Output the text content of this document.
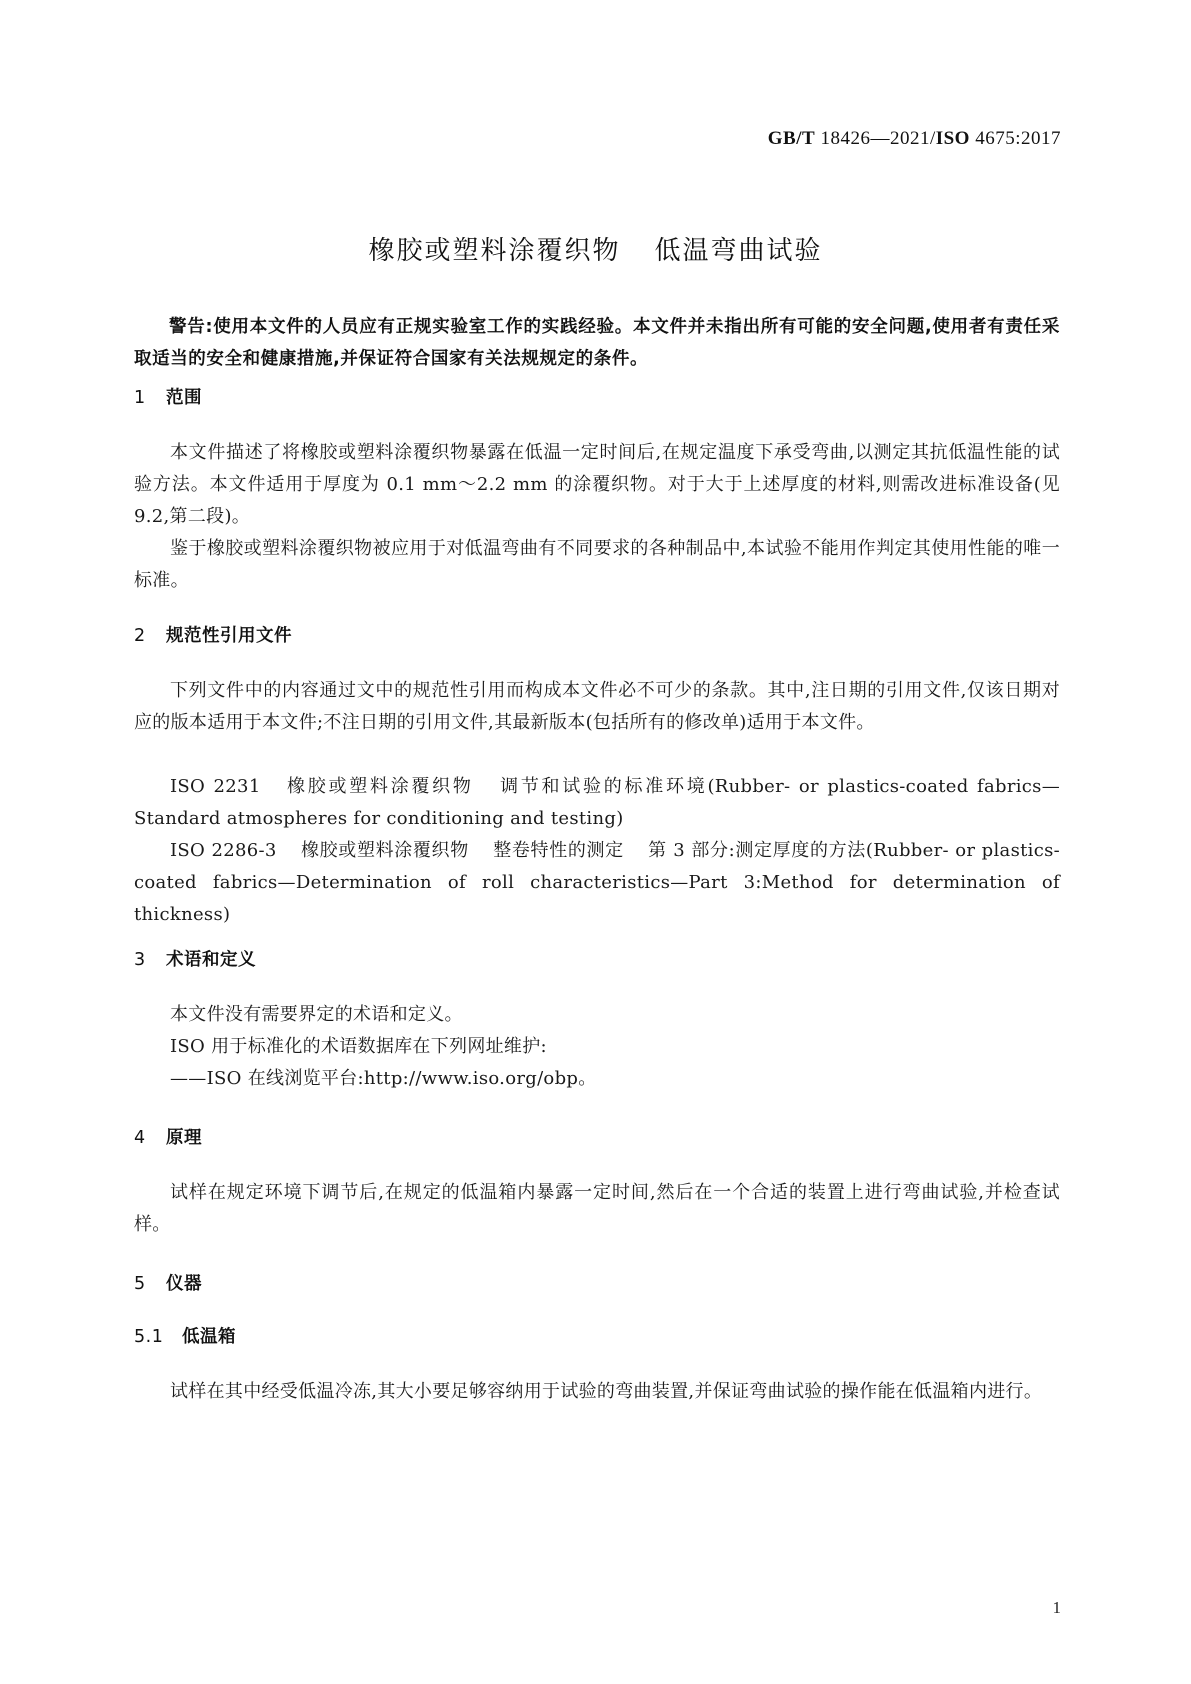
GB/T 18426—2021/ISO 4675:2017
橡胶或塑料涂覆织物 低温弯曲试验
警告:使用本文件的人员应有正规实验室工作的实践经验。本文件并未指出所有可能的安全问题,使用者有责任采取适当的安全和健康措施,并保证符合国家有关法规规定的条件。
1 范围
本文件描述了将橡胶或塑料涂覆织物暴露在低温一定时间后,在规定温度下承受弯曲,以测定其抗低温性能的试验方法。本文件适用于厚度为 0.1 mm～2.2 mm 的涂覆织物。对于大于上述厚度的材料,则需改进标准设备(见 9.2,第二段)。
鉴于橡胶或塑料涂覆织物被应用于对低温弯曲有不同要求的各种制品中,本试验不能用作判定其使用性能的唯一标准。
2 规范性引用文件
下列文件中的内容通过文中的规范性引用而构成本文件必不可少的条款。其中,注日期的引用文件,仅该日期对应的版本适用于本文件;不注日期的引用文件,其最新版本(包括所有的修改单)适用于本文件。
ISO 2231 橡胶或塑料涂覆织物 调节和试验的标准环境(Rubber- or plastics-coated fabrics—Standard atmospheres for conditioning and testing)
ISO 2286-3 橡胶或塑料涂覆织物 整卷特性的测定 第 3 部分:测定厚度的方法(Rubber- or plastics-coated fabrics—Determination of roll characteristics—Part 3:Method for determination of thickness)
3 术语和定义
本文件没有需要界定的术语和定义。
ISO 用于标准化的术语数据库在下列网址维护:
——ISO 在线浏览平台:http://www.iso.org/obp。
4 原理
试样在规定环境下调节后,在规定的低温箱内暴露一定时间,然后在一个合适的装置上进行弯曲试验,并检查试样。
5 仪器
5.1 低温箱
试样在其中经受低温冷冻,其大小要足够容纳用于试验的弯曲装置,并保证弯曲试验的操作能在低温箱内进行。
1
